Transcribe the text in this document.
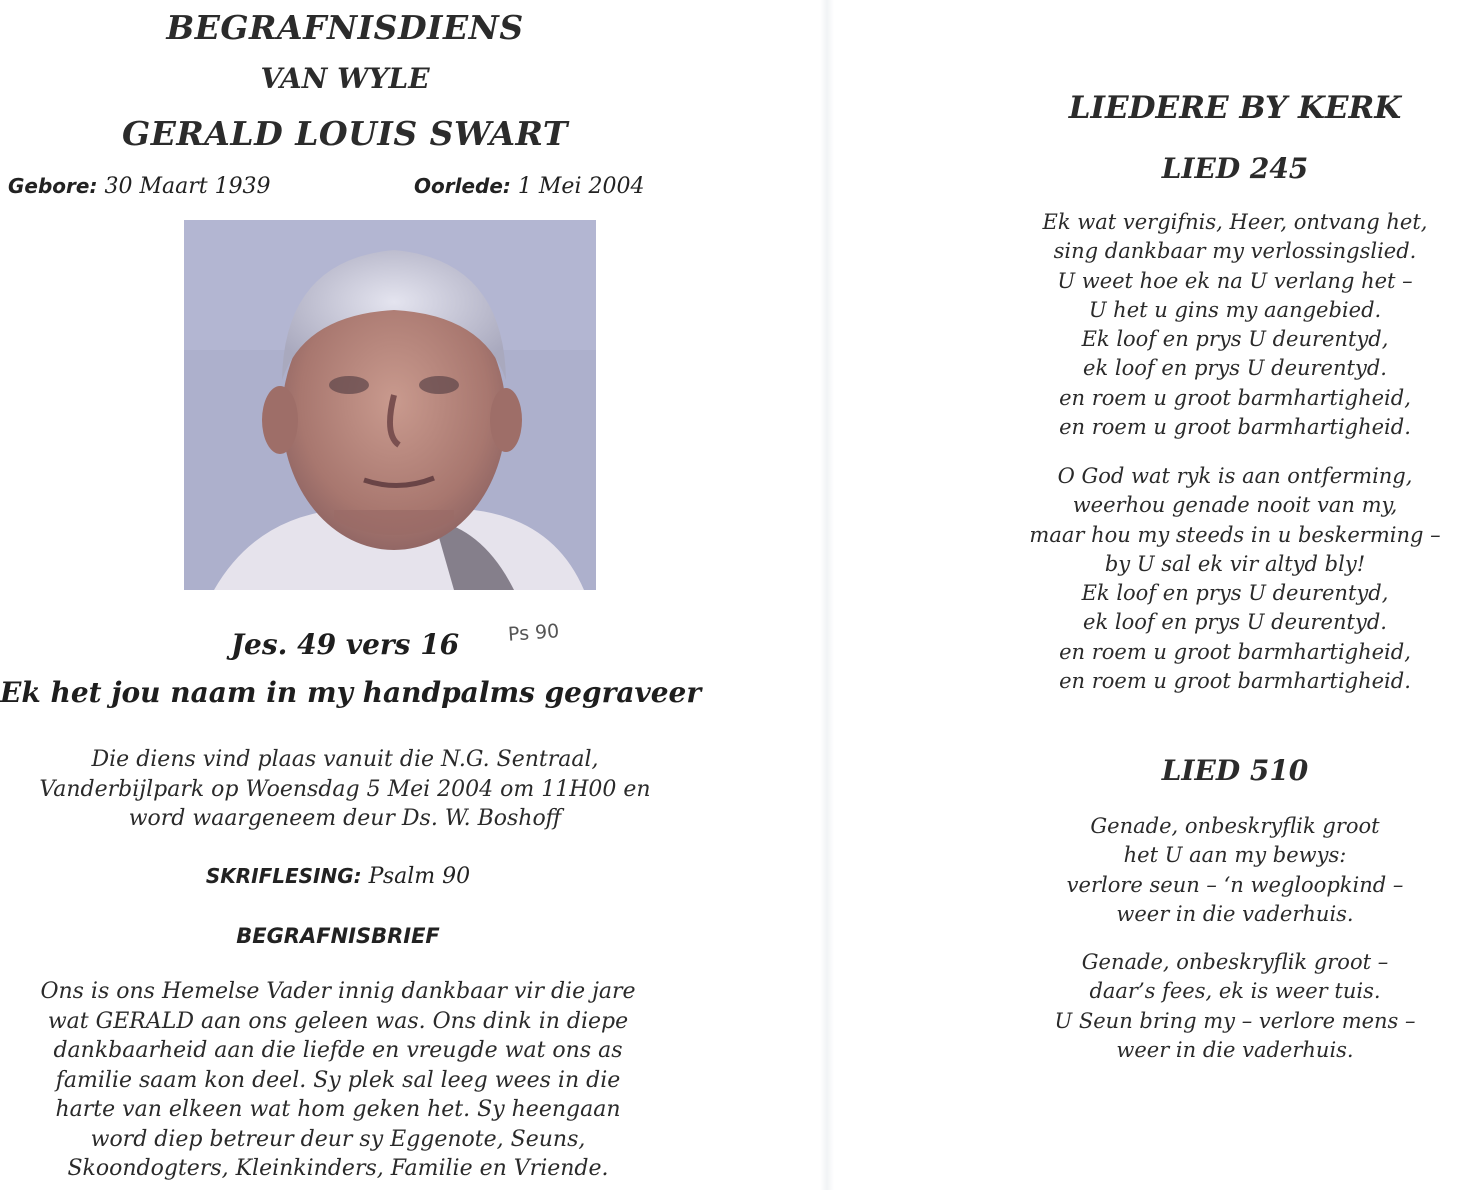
BEGRAFNISDIENS
VAN WYLE
GERALD LOUIS SWART
Gebore: 30 Maart 1939	Oorlede: 1 Mei 2004
Jes. 49 vers 16	Ps 90
Ek het jou naam in my handpalms gegraveer
Die diens vind plaas vanuit die N.G. Sentraal,
Vanderbijlpark op Woensdag 5 Mei 2004 om 11H00 en
word waargeneem deur Ds. W. Boshoff
SKRIFLESING: Psalm 90
BEGRAFNISBRIEF
Ons is ons Hemelse Vader innig dankbaar vir die jare
wat GERALD aan ons geleen was. Ons dink in diepe
dankbaarheid aan die liefde en vreugde wat ons as
familie saam kon deel. Sy plek sal leeg wees in die
harte van elkeen wat hom geken het. Sy heengaan
word diep betreur deur sy Eggenote, Seuns,
Skoondogters, Kleinkinders, Familie en Vriende.
LIEDERE BY KERK
LIED 245
Ek wat vergifnis, Heer, ontvang het,
sing dankbaar my verlossingslied.
U weet hoe ek na U verlang het –
U het u gins my aangebied.
Ek loof en prys U deurentyd,
ek loof en prys U deurentyd.
en roem u groot barmhartigheid,
en roem u groot barmhartigheid.
O God wat ryk is aan ontferming,
weerhou genade nooit van my,
maar hou my steeds in u beskerming –
by U sal ek vir altyd bly!
Ek loof en prys U deurentyd,
ek loof en prys U deurentyd.
en roem u groot barmhartigheid,
en roem u groot barmhartigheid.
LIED 510
Genade, onbeskryflik groot
het U aan my bewys:
verlore seun – ‘n wegloopkind –
weer in die vaderhuis.
Genade, onbeskryflik groot –
daar’s fees, ek is weer tuis.
U Seun bring my – verlore mens –
weer in die vaderhuis.
